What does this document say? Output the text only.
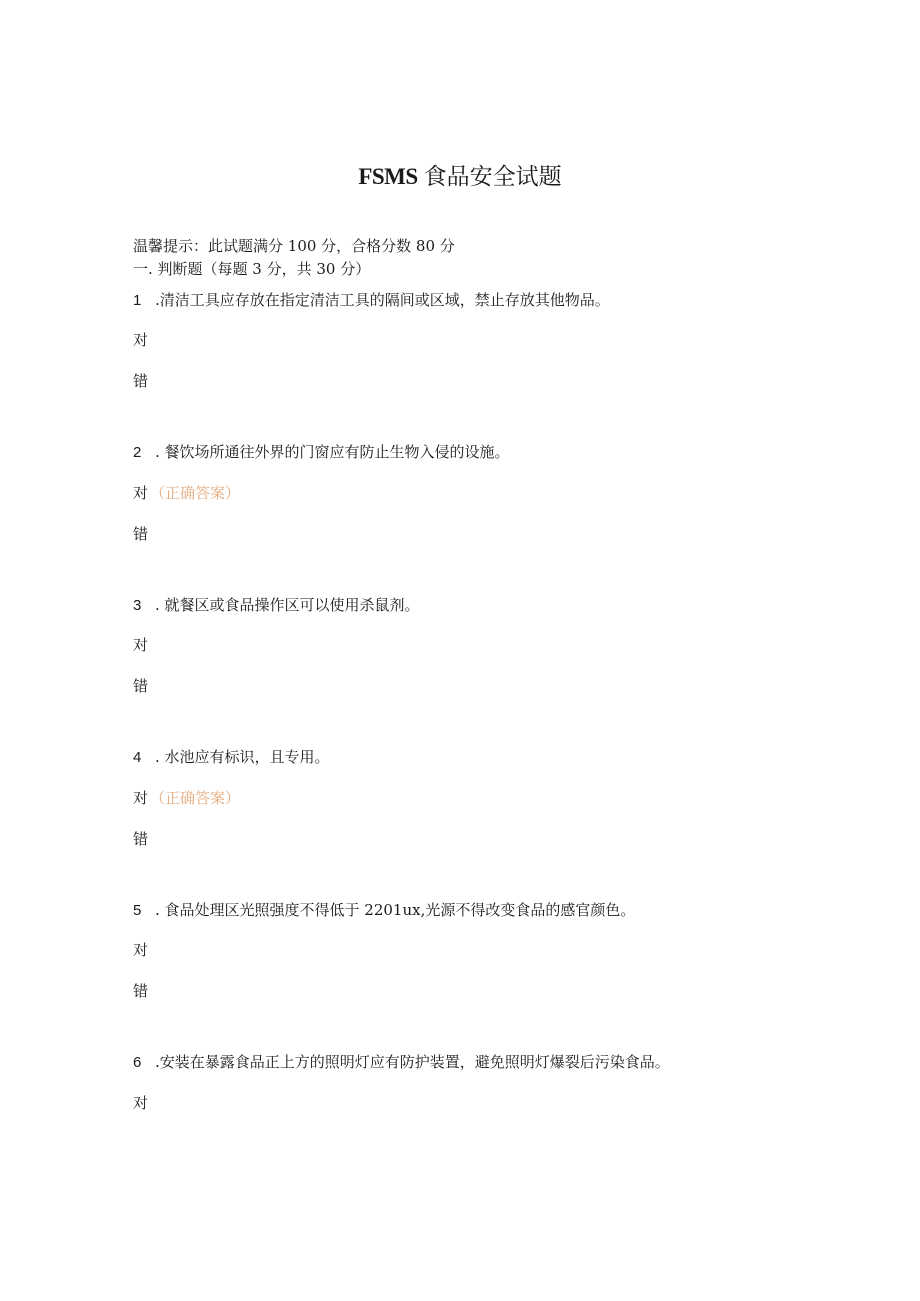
FSMS 食品安全试题
温馨提示：此试题满分 100 分，合格分数 80 分
一. 判断题（每题 3 分，共 30 分）
1 .清洁工具应存放在指定清洁工具的隔间或区域，禁止存放其他物品。
对
错
2 . 餐饮场所通往外界的门窗应有防止生物入侵的设施。
对 （正确答案）
错
3 . 就餐区或食品操作区可以使用杀鼠剂。
对
错
4 . 水池应有标识，且专用。
对 （正确答案）
错
5 . 食品处理区光照强度不得低于 2201ux,光源不得改变食品的感官颜色。
对
错
6 .安装在暴露食品正上方的照明灯应有防护装置，避免照明灯爆裂后污染食品。
对
